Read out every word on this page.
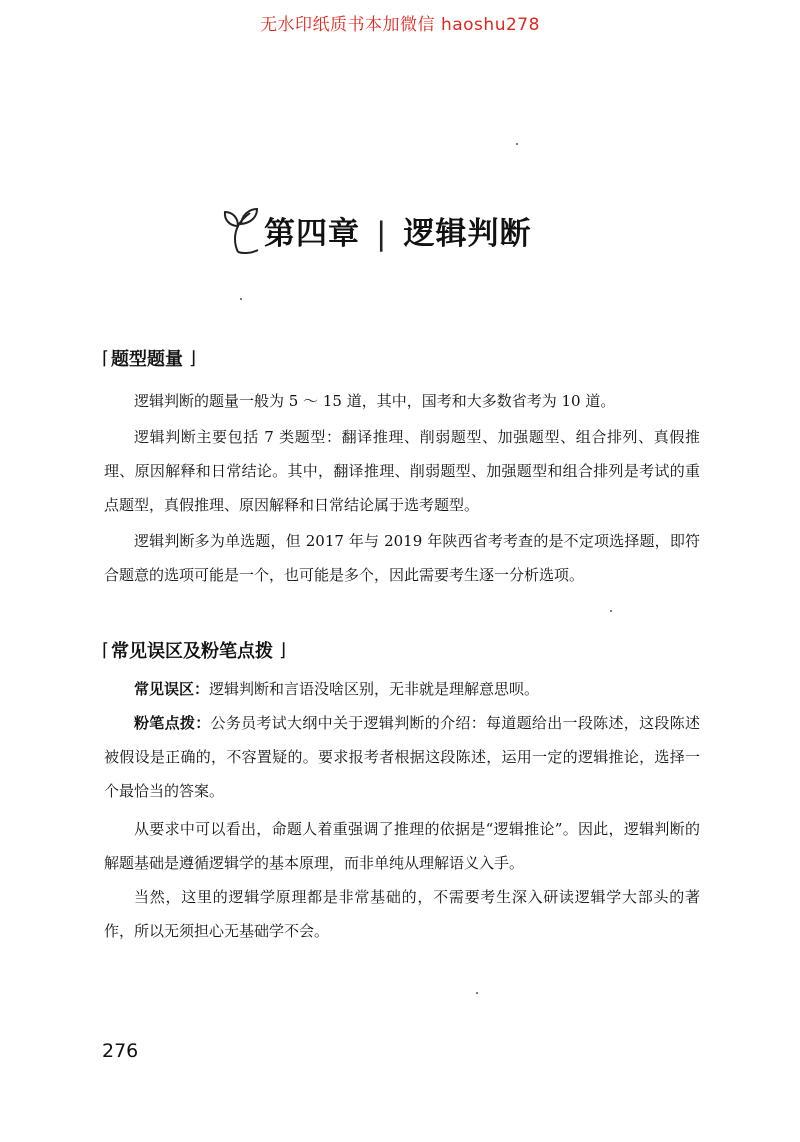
无水印纸质书本加微信 haoshu278
第四章 | 逻辑判断
⌈ 题型题量 ⌋

逻辑判断的题量一般为 5 ～ 15 道，其中，国考和大多数省考为 10 道。

逻辑判断主要包括 7 类题型：翻译推理、削弱题型、加强题型、组合排列、真假推理、原因解释和日常结论。其中，翻译推理、削弱题型、加强题型和组合排列是考试的重点题型，真假推理、原因解释和日常结论属于选考题型。

逻辑判断多为单选题，但 2017 年与 2019 年陕西省考考查的是不定项选择题，即符合题意的选项可能是一个，也可能是多个，因此需要考生逐一分析选项。

⌈ 常见误区及粉笔点拨 ⌋

常见误区：逻辑判断和言语没啥区别，无非就是理解意思呗。

粉笔点拨：公务员考试大纲中关于逻辑判断的介绍：每道题给出一段陈述，这段陈述被假设是正确的，不容置疑的。要求报考者根据这段陈述，运用一定的逻辑推论，选择一个最恰当的答案。

从要求中可以看出，命题人着重强调了推理的依据是“逻辑推论”。因此，逻辑判断的解题基础是遵循逻辑学的基本原理，而非单纯从理解语义入手。

当然，这里的逻辑学原理都是非常基础的，不需要考生深入研读逻辑学大部头的著作，所以无须担心无基础学不会。

276
